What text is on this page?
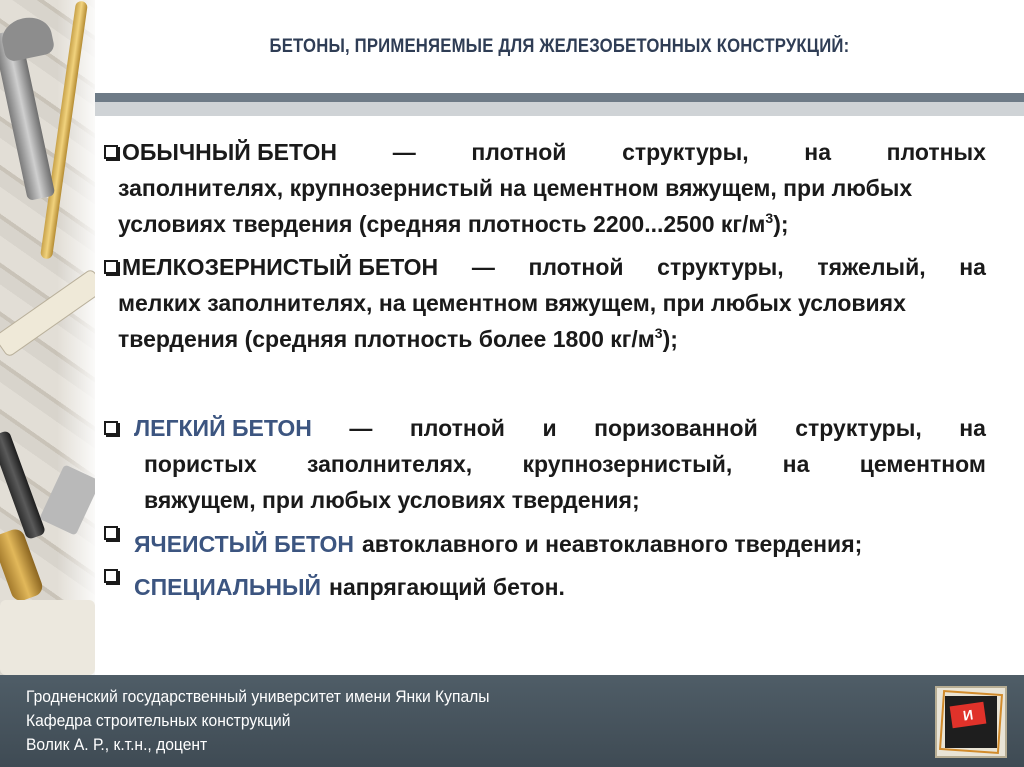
БЕТОНЫ, ПРИМЕНЯЕМЫЕ ДЛЯ ЖЕЛЕЗОБЕТОННЫХ КОНСТРУКЦИЙ:
ОБЫЧНЫЙ БЕТОН — плотной структуры, на плотных
заполнителях, крупнозернистый на цементном вяжущем, при любых
условиях твердения (средняя плотность 2200...2500 $кг/м^3$);
МЕЛКОЗЕРНИСТЫЙ БЕТОН — плотной структуры, тяжелый, на
мелких заполнителях, на цементном вяжущем, при любых условиях
твердения (средняя плотность более 1800 $кг/м^3$);
ЛЕГКИЙ БЕТОН — плотной и поризованной структуры, на
пористых заполнителях, крупнозернистый, на цементном
вяжущем, при любых условиях твердения;
ЯЧЕИСТЫЙ БЕТОН автоклавного и неавтоклавного твердения;
СПЕЦИАЛЬНЫЙ напрягающий бетон.
Гродненский государственный университет имени Янки Купалы
Кафедра строительных конструкций
Волик А. Р., к.т.н., доцент
И
